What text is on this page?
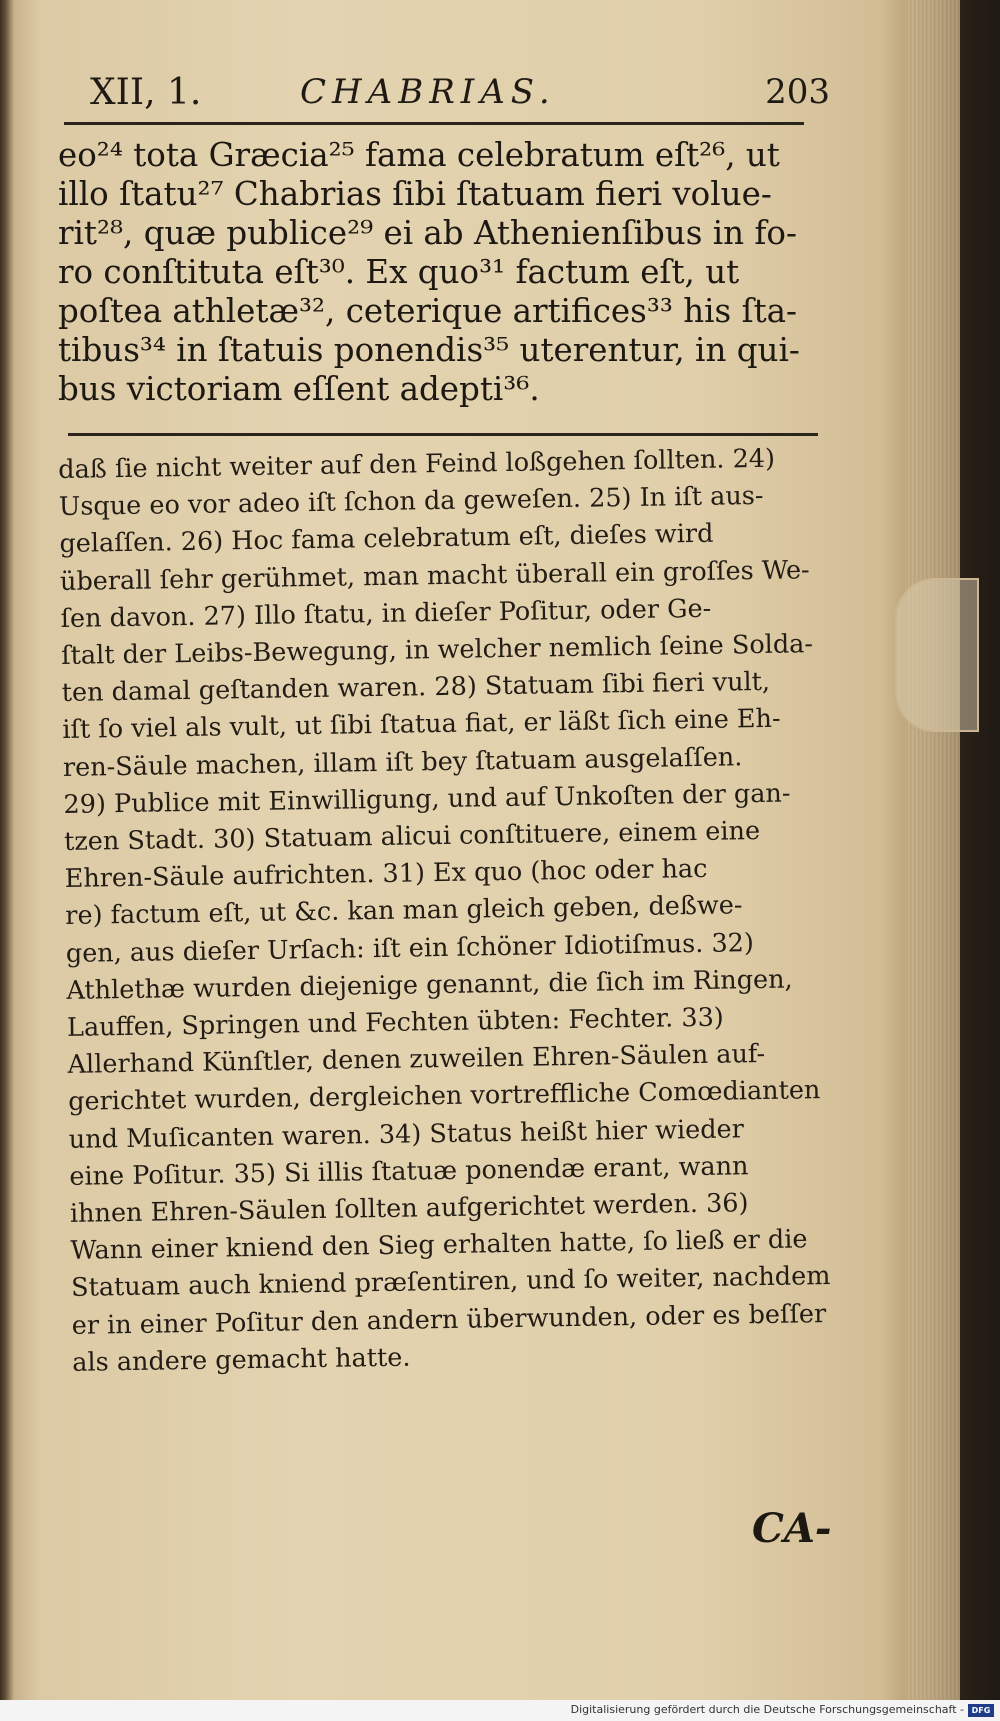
XII, 1.	CHABRIAS.	203
eo²⁴ tota Græcia²⁵ fama celebratum eſt²⁶, ut
illo ſtatu²⁷ Chabrias ſibi ſtatuam fieri volue-
rit²⁸, quæ publice²⁹ ei ab Athenienſibus in fo-
ro conſtituta eſt³⁰. Ex quo³¹ factum eſt, ut
poſtea athletæ³², ceterique artifices³³ his ſta-
tibus³⁴ in ſtatuis ponendis³⁵ uterentur, in qui-
bus victoriam eſſent adepti³⁶.
daß ſie nicht weiter auf den Feind loßgehen ſollten. 24)
Usque eo vor adeo iſt ſchon da geweſen. 25) In iſt aus-
gelaſſen. 26) Hoc fama celebratum eſt, dieſes wird
überall ſehr gerühmet, man macht überall ein groſſes We-
ſen davon. 27) Illo ſtatu, in dieſer Poſitur, oder Ge-
ſtalt der Leibs-Bewegung, in welcher nemlich ſeine Solda-
ten damal geſtanden waren. 28) Statuam ſibi fieri vult,
iſt ſo viel als vult, ut ſibi ſtatua fiat, er läßt ſich eine Eh-
ren-Säule machen, illam iſt bey ſtatuam ausgelaſſen.
29) Publice mit Einwilligung, und auf Unkoſten der gan-
tzen Stadt. 30) Statuam alicui conſtituere, einem eine
Ehren-Säule aufrichten. 31) Ex quo (hoc oder hac
re) factum eſt, ut &c. kan man gleich geben, deßwe-
gen, aus dieſer Urſach: iſt ein ſchöner Idiotiſmus. 32)
Athlethæ wurden diejenige genannt, die ſich im Ringen,
Lauffen, Springen und Fechten übten: Fechter. 33)
Allerhand Künſtler, denen zuweilen Ehren-Säulen auf-
gerichtet wurden, dergleichen vortreffliche Comœdianten
und Muſicanten waren. 34) Status heißt hier wieder
eine Poſitur. 35) Si illis ſtatuæ ponendæ erant, wann
ihnen Ehren-Säulen ſollten aufgerichtet werden. 36)
Wann einer kniend den Sieg erhalten hatte, ſo ließ er die
Statuam auch kniend præſentiren, und ſo weiter, nachdem
er in einer Poſitur den andern überwunden, oder es beſſer
als andere gemacht hatte.
CA-
Digitalisierung gefördert durch die Deutsche Forschungsgemeinschaft - DFG
